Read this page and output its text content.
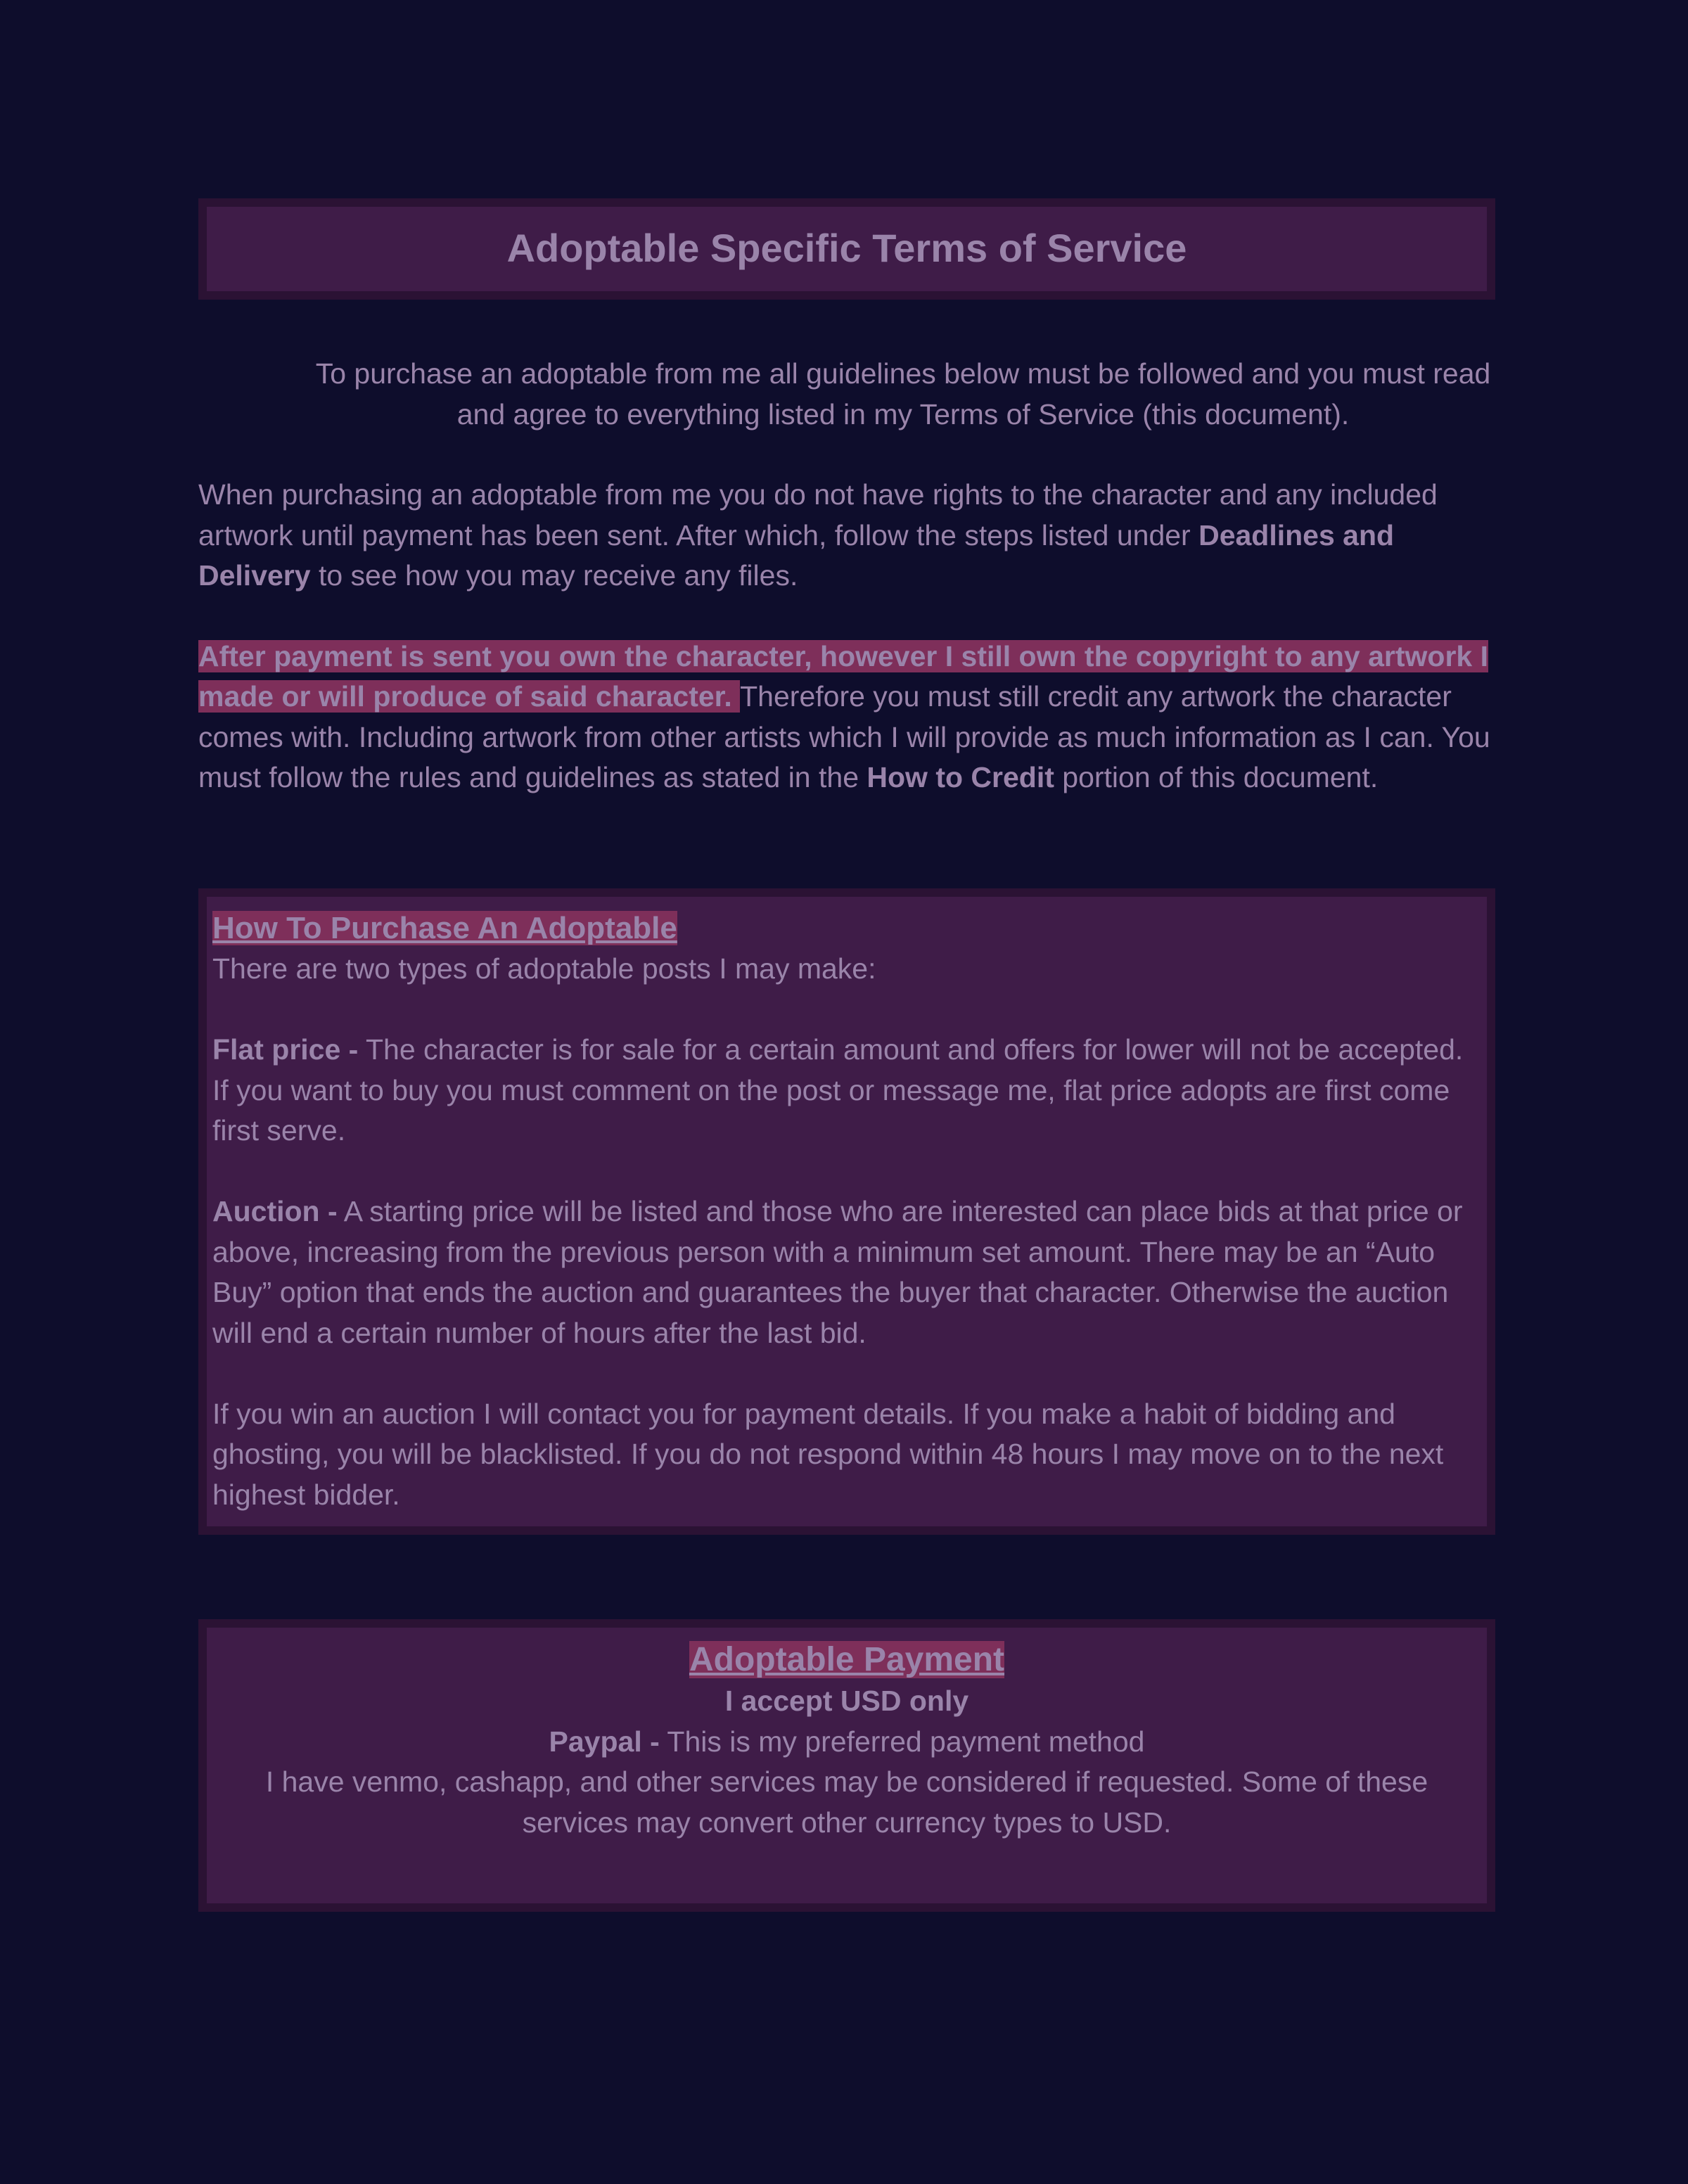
Adoptable Specific Terms of Service

To purchase an adoptable from me all guidelines below must be followed and you must read and agree to everything listed in my Terms of Service (this document).

When purchasing an adoptable from me you do not have rights to the character and any included artwork until payment has been sent. After which, follow the steps listed under Deadlines and Delivery to see how you may receive any files.

After payment is sent you own the character, however I still own the copyright to any artwork I made or will produce of said character. Therefore you must still credit any artwork the character comes with. Including artwork from other artists which I will provide as much information as I can. You must follow the rules and guidelines as stated in the How to Credit portion of this document.

How To Purchase An Adoptable

There are two types of adoptable posts I may make:

Flat price - The character is for sale for a certain amount and offers for lower will not be accepted. If you want to buy you must comment on the post or message me, flat price adopts are first come first serve.

Auction - A starting price will be listed and those who are interested can place bids at that price or above, increasing from the previous person with a minimum set amount. There may be an “Auto Buy” option that ends the auction and guarantees the buyer that character. Otherwise the auction will end a certain number of hours after the last bid.

If you win an auction I will contact you for payment details. If you make a habit of bidding and ghosting, you will be blacklisted. If you do not respond within 48 hours I may move on to the next highest bidder.

Adoptable Payment

I accept USD only

Paypal - This is my preferred payment method

I have venmo, cashapp, and other services may be considered if requested. Some of these services may convert other currency types to USD.
